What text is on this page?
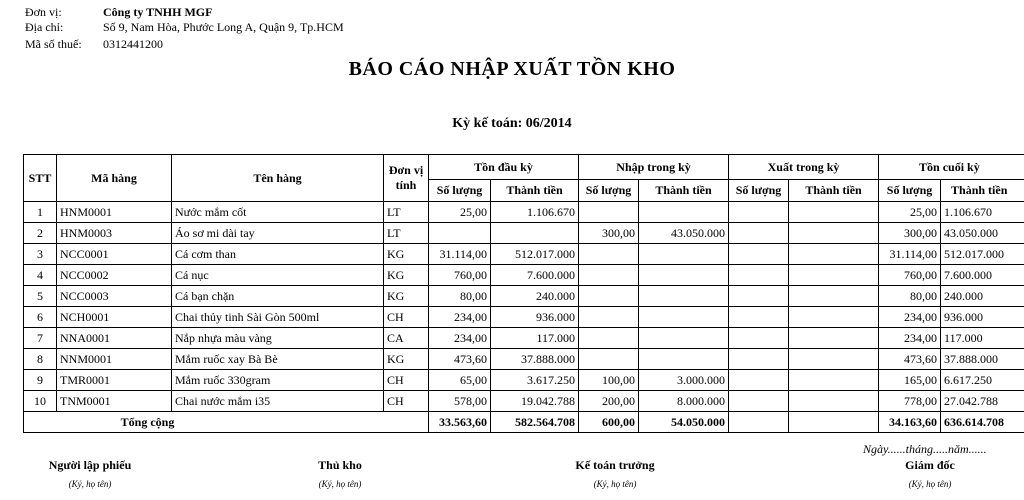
Đơn vị:	Công ty TNHH MGF
Địa chỉ:	Số 9, Nam Hòa, Phước Long A, Quận 9, Tp.HCM
Mã số thuế: 0312441200
BÁO CÁO NHẬP XUẤT TỒN KHO
Kỳ kế toán: 06/2014
STT	Mã hàng	Tên hàng	Đơn vị tính	Tồn đầu kỳ		Nhập trong kỳ		Xuất trong kỳ		Tồn cuối kỳ	
				Số lượng	Thành tiền	Số lượng	Thành tiền	Số lượng	Thành tiền	Số lượng	Thành tiền
1	HNM0001	Nước mắm cốt	LT	25,00	1.106.670					25,00	1.106.670
2	HNM0003	Áo sơ mi dài tay	LT			300,00	43.050.000			300,00	43.050.000
3	NCC0001	Cá cơm than	KG	31.114,00	512.017.000					31.114,00	512.017.000
4	NCC0002	Cá nục	KG	760,00	7.600.000					760,00	7.600.000
5	NCC0003	Cá bạn chặn	KG	80,00	240.000					80,00	240.000
6	NCH0001	Chai thủy tinh Sài Gòn 500ml	CH	234,00	936.000					234,00	936.000
7	NNA0001	Nắp nhựa màu vàng	CA	234,00	117.000					234,00	117.000
8	NNM0001	Mắm ruốc xay Bà Bè	KG	473,60	37.888.000					473,60	37.888.000
9	TMR0001	Mắm ruốc 330gram	CH	65,00	3.617.250	100,00	3.000.000			165,00	6.617.250
10	TNM0001	Chai nước mắm i35	CH	578,00	19.042.788	200,00	8.000.000			778,00	27.042.788
Tổng cộng				33.563,60	582.564.708	600,00	54.050.000			34.163,60	636.614.708
Ngày......tháng.....năm......
Người lập phiếu
(Ký, họ tên)
Thủ kho
(Ký, họ tên)
Kế toán trưởng
(Ký, họ tên)
Giám đốc
(Ký, họ tên)
